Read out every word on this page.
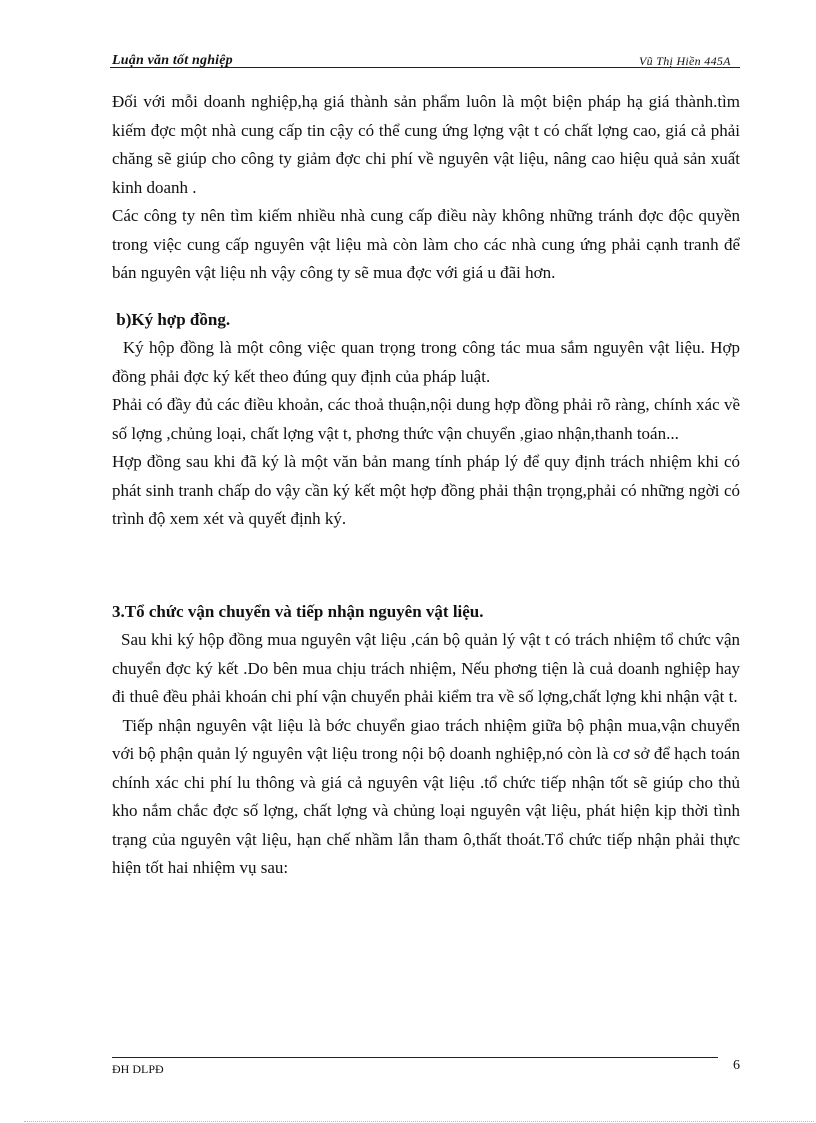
Luận văn tốt nghiệp	Vũ Thị Hiền 445A

Đối với mỗi doanh nghiệp,hạ giá thành sản phẩm luôn là một biện pháp hạ giá thành.tìm kiếm đợc một nhà cung cấp tin cậy có thể cung ứng lợng vật t có chất lợng cao, giá cả phải chăng sẽ giúp cho công ty giảm đợc chi phí về nguyên vật liệu, nâng cao hiệu quả sản xuất kinh doanh .

Các công ty nên tìm kiếm nhiều nhà cung cấp điều này không những tránh đợc độc quyền trong việc cung cấp nguyên vật liệu mà còn làm cho các nhà cung ứng phải cạnh tranh để bán nguyên vật liệu nh vậy công ty sẽ mua đợc với giá u đãi hơn.

b)Ký hợp đồng.

Ký hộp đồng là một công việc quan trọng trong công tác mua sắm nguyên vật liệu. Hợp đồng phải đợc ký kết theo đúng quy định của pháp luật.

Phải có đầy đủ các điều khoản, các thoả thuận,nội dung hợp đồng phải rõ ràng, chính xác về số lợng ,chủng loại, chất lợng vật t, phơng thức vận chuyển ,giao nhận,thanh toán...

Hợp đồng sau khi đã ký là một văn bản mang tính pháp lý để quy định trách nhiệm khi có phát sinh tranh chấp do vậy cần ký kết một hợp đồng phải thận trọng,phải có những ngời có trình độ xem xét và quyết định ký.

3.Tổ chức vận chuyển và tiếp nhận nguyên vật liệu.

Sau khi ký hộp đồng mua nguyên vật liệu ,cán bộ quản lý vật t có trách nhiệm tổ chức vận chuyển đợc ký kết .Do bên mua chịu trách nhiệm, Nếu phơng tiện là cuả doanh nghiệp hay đi thuê đều phải khoán chi phí vận chuyển phải kiểm tra về số lợng,chất lợng khi nhận vật t.

Tiếp nhận nguyên vật liệu là bớc chuyển giao trách nhiệm giữa bộ phận mua,vận chuyển với bộ phận quản lý nguyên vật liệu trong nội bộ doanh nghiệp,nó còn là cơ sở để hạch toán chính xác chi phí lu thông và giá cả nguyên vật liệu .tổ chức tiếp nhận tốt sẽ giúp cho thủ kho nắm chắc đợc số lợng, chất lợng và chủng loại nguyên vật liệu, phát hiện kịp thời tình trạng của nguyên vật liệu, hạn chế nhầm lẫn tham ô,thất thoát.Tổ chức tiếp nhận phải thực hiện tốt hai nhiệm vụ sau:

ĐH DLPĐ	6
